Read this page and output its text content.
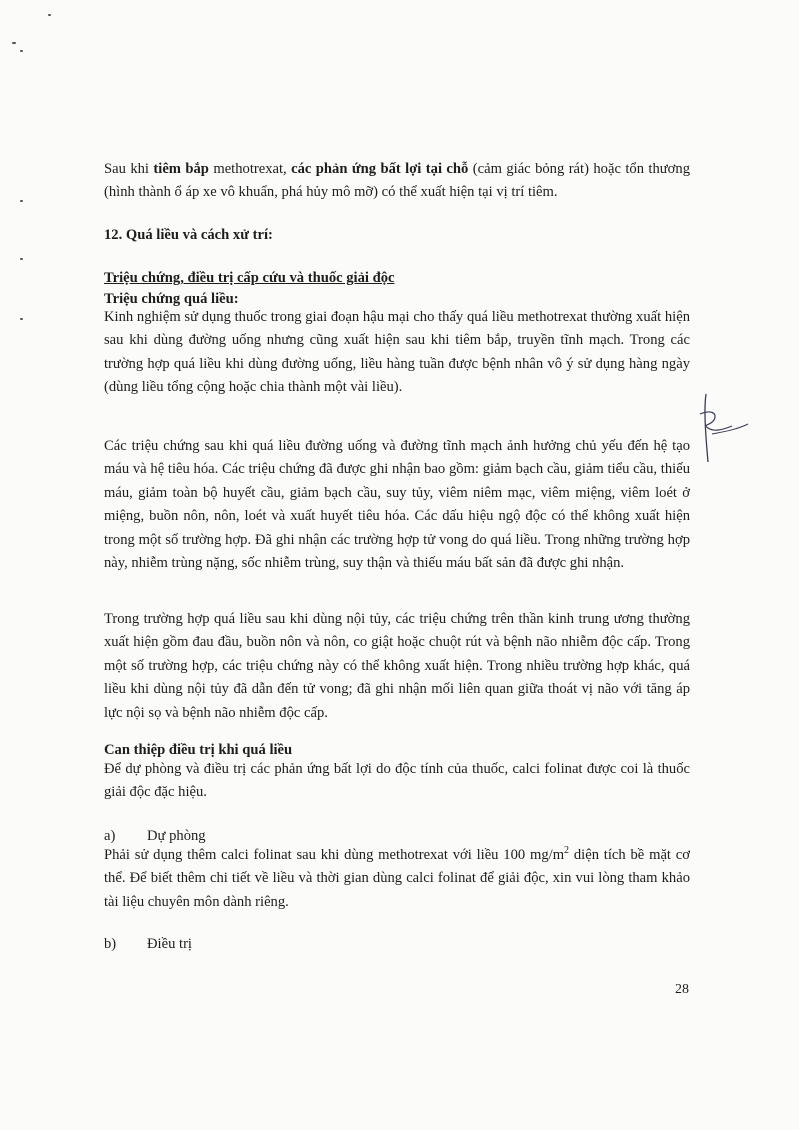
Sau khi tiêm bắp methotrexat, các phản ứng bất lợi tại chỗ (cảm giác bỏng rát) hoặc tổn thương (hình thành ổ áp xe vô khuẩn, phá hủy mô mỡ) có thể xuất hiện tại vị trí tiêm.

12. Quá liều và cách xử trí:

Triệu chứng, điều trị cấp cứu và thuốc giải độc

Triệu chứng quá liều:

Kinh nghiệm sử dụng thuốc trong giai đoạn hậu mại cho thấy quá liều methotrexat thường xuất hiện sau khi dùng đường uống nhưng cũng xuất hiện sau khi tiêm bắp, truyền tĩnh mạch. Trong các trường hợp quá liều khi dùng đường uống, liều hàng tuần được bệnh nhân vô ý sử dụng hàng ngày (dùng liều tổng cộng hoặc chia thành một vài liều).

Các triệu chứng sau khi quá liều đường uống và đường tĩnh mạch ảnh hưởng chủ yếu đến hệ tạo máu và hệ tiêu hóa. Các triệu chứng đã được ghi nhận bao gồm: giảm bạch cầu, giảm tiểu cầu, thiếu máu, giảm toàn bộ huyết cầu, giảm bạch cầu, suy tủy, viêm niêm mạc, viêm miệng, viêm loét ở miệng, buồn nôn, nôn, loét và xuất huyết tiêu hóa. Các dấu hiệu ngộ độc có thể không xuất hiện trong một số trường hợp. Đã ghi nhận các trường hợp tử vong do quá liều. Trong những trường hợp này, nhiễm trùng nặng, sốc nhiễm trùng, suy thận và thiếu máu bất sản đã được ghi nhận.

Trong trường hợp quá liều sau khi dùng nội tủy, các triệu chứng trên thần kinh trung ương thường xuất hiện gồm đau đầu, buồn nôn và nôn, co giật hoặc chuột rút và bệnh não nhiễm độc cấp. Trong một số trường hợp, các triệu chứng này có thể không xuất hiện. Trong nhiều trường hợp khác, quá liều khi dùng nội tủy đã dẫn đến tử vong; đã ghi nhận mối liên quan giữa thoát vị não với tăng áp lực nội sọ và bệnh não nhiễm độc cấp.

Can thiệp điều trị khi quá liều

Để dự phòng và điều trị các phản ứng bất lợi do độc tính của thuốc, calci folinat được coi là thuốc giải độc đặc hiệu.

a) Dự phòng

Phải sử dụng thêm calci folinat sau khi dùng methotrexat với liều 100 $mg/m^2$ diện tích bề mặt cơ thể. Để biết thêm chi tiết về liều và thời gian dùng calci folinat để giải độc, xin vui lòng tham khảo tài liệu chuyên môn dành riêng.

b) Điều trị

28
